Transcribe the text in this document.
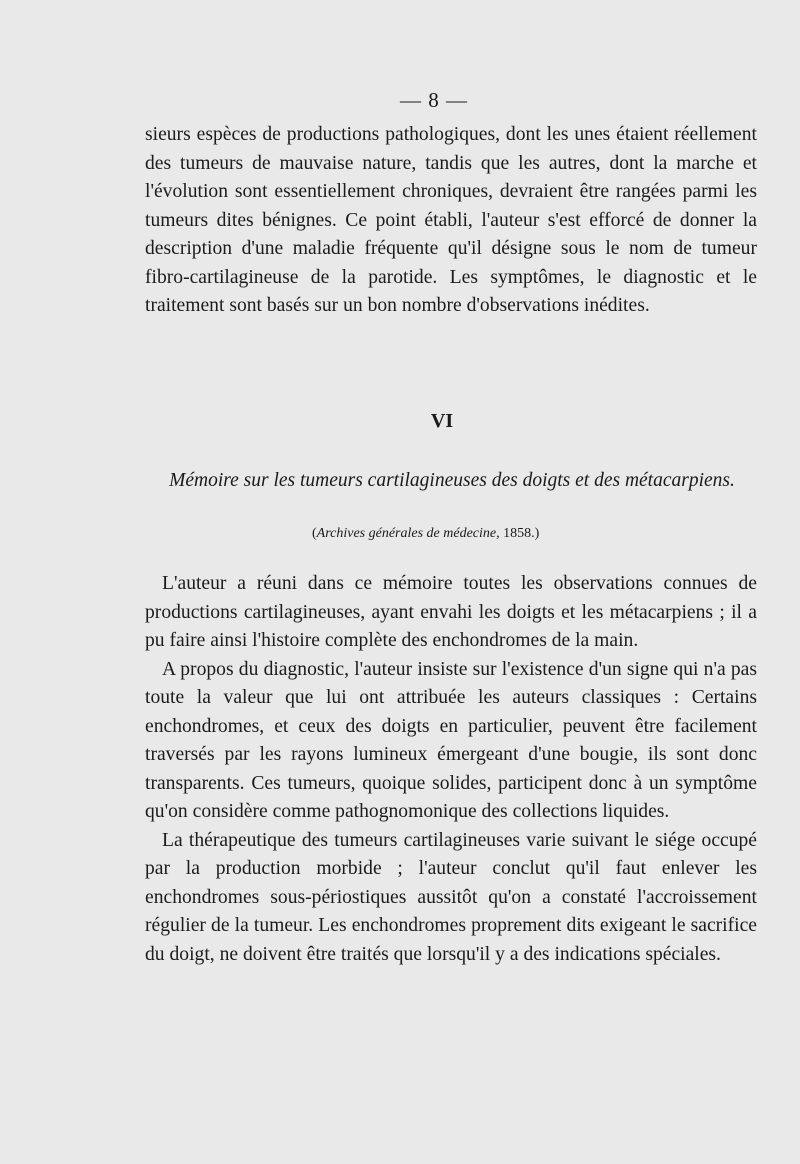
— 8 —

sieurs espèces de productions pathologiques, dont les unes étaient réellement des tumeurs de mauvaise nature, tandis que les autres, dont la marche et l'évolution sont essentiellement chroniques, devraient être rangées parmi les tumeurs dites bénignes. Ce point établi, l'auteur s'est efforcé de donner la description d'une maladie fréquente qu'il désigne sous le nom de tumeur fibro-cartilagineuse de la parotide. Les symptômes, le diagnostic et le traitement sont basés sur un bon nombre d'observations inédites.

VI
Mémoire sur les tumeurs cartilagineuses des doigts et des métacarpiens.
(Archives générales de médecine, 1858.)

L'auteur a réuni dans ce mémoire toutes les observations connues de productions cartilagineuses, ayant envahi les doigts et les métacarpiens ; il a pu faire ainsi l'histoire complète des enchondromes de la main.

A propos du diagnostic, l'auteur insiste sur l'existence d'un signe qui n'a pas toute la valeur que lui ont attribuée les auteurs classiques : Certains enchondromes, et ceux des doigts en particulier, peuvent être facilement traversés par les rayons lumineux émergeant d'une bougie, ils sont donc transparents. Ces tumeurs, quoique solides, participent donc à un symptôme qu'on considère comme pathognomonique des collections liquides.

La thérapeutique des tumeurs cartilagineuses varie suivant le siége occupé par la production morbide ; l'auteur conclut qu'il faut enlever les enchondromes sous-périostiques aussitôt qu'on a constaté l'accroissement régulier de la tumeur. Les enchondromes proprement dits exigeant le sacrifice du doigt, ne doivent être traités que lorsqu'il y a des indications spéciales.
